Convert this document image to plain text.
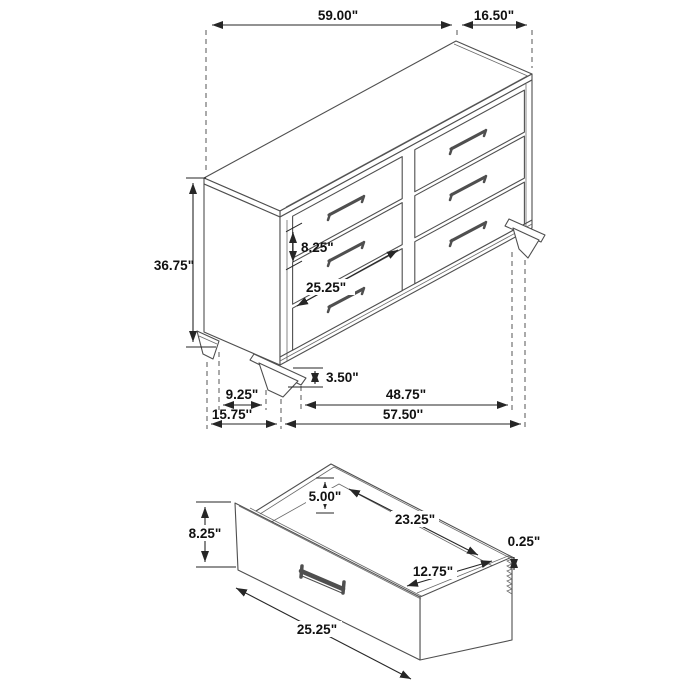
59.00"	16.50"
36.75"
8.25"
25.25"
3.50"
9.25"	48.75"
15.75''	57.50''
8.25"
5.00"
23.25"
0.25"
12.75"
25.25"
